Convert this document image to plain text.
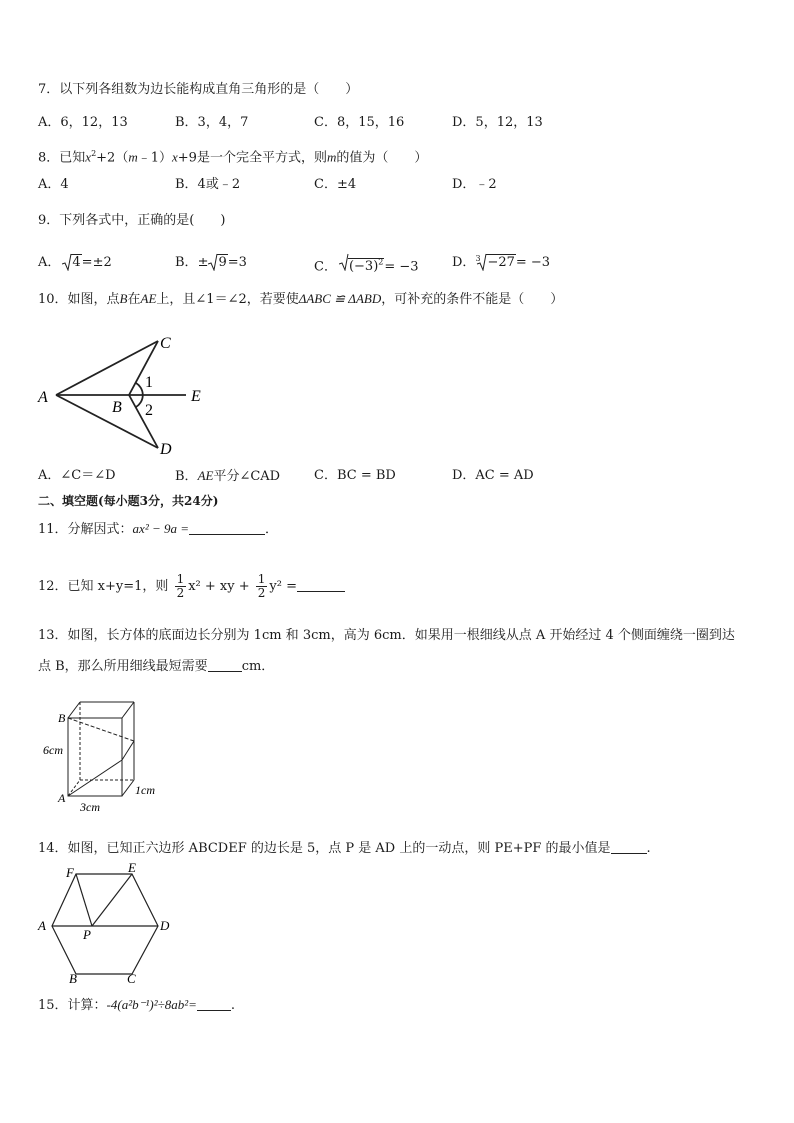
7．以下列各组数为边长能构成直角三角形的是（　　）
A．6，12，13	B．3，4，7	C．8，15，16	D．5，12，13
8．已知$x^2+2(m﹣1)x+9$是一个完全平方式，则m的值为（　　）
A．4	B．4或﹣2	C．±4	D．﹣2
9．下列各式中，正确的是(　　)
A． 4=±2	B．± 9=3	C． $(-3)^2= -3$	D． 3 −27= −3
10．如图，点B在AE上，且∠1＝∠2，若要使ΔABC ≌ ΔABD，可补充的条件不能是（　　）
A
B
C
D
E
1
2
A．∠C＝∠D	B．AE平分∠CAD	C．BC = BD	D．AC = AD
二、填空题(每小题3分，共24分)
11．分解因式：ax² − 9a =	．
12．已知 x+y=1，则 $\frac{1}{2} x^2$ + xy + $\frac{1}{2} y^2$ =
13．如图，长方体的底面边长分别为 1cm 和 3cm，高为 6cm．如果用一根细线从点 A 开始经过 4 个侧面缠绕一圈到达
点 B，那么所用细线最短需要	cm．
B
A
6cm
3cm
1cm
14．如图，已知正六边形 ABCDEF 的边长是 5，点 P 是 AD 上的一动点，则 PE+PF 的最小值是	.
A
B	C
D
E
F
P
15．计算：-4(a²b⁻¹)²÷8ab²=	.
